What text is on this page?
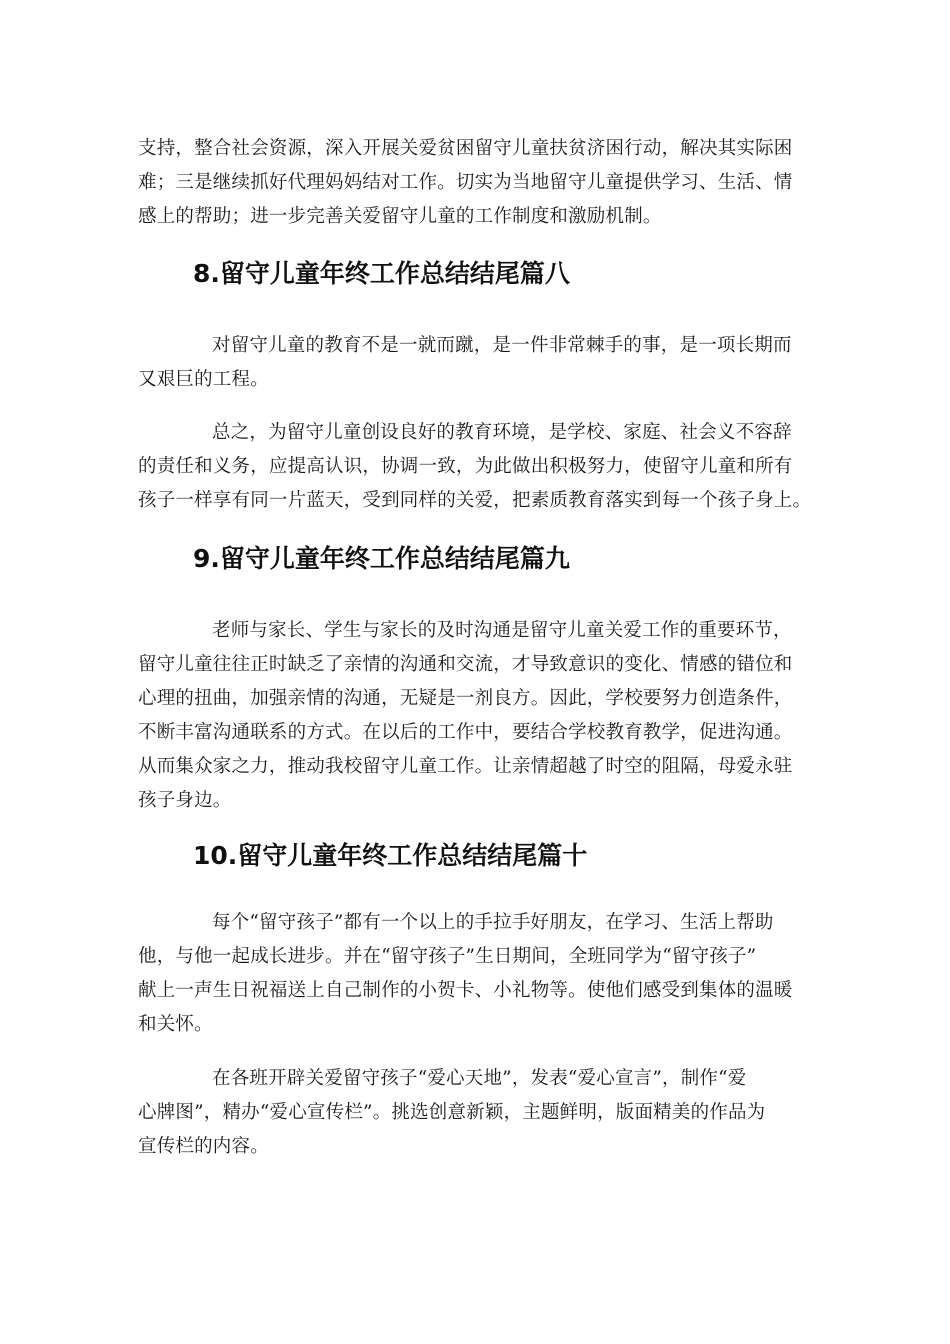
支持，整合社会资源，深入开展关爱贫困留守儿童扶贫济困行动，解决其实际困
难；三是继续抓好代理妈妈结对工作。切实为当地留守儿童提供学习、生活、情
感上的帮助；进一步完善关爱留守儿童的工作制度和激励机制。
8.留守儿童年终工作总结结尾篇八
对留守儿童的教育不是一就而蹴，是一件非常棘手的事，是一项长期而
又艰巨的工程。
总之，为留守儿童创设良好的教育环境，是学校、家庭、社会义不容辞
的责任和义务，应提高认识，协调一致，为此做出积极努力，使留守儿童和所有
孩子一样享有同一片蓝天，受到同样的关爱，把素质教育落实到每一个孩子身上。
9.留守儿童年终工作总结结尾篇九
老师与家长、学生与家长的及时沟通是留守儿童关爱工作的重要环节，
留守儿童往往正时缺乏了亲情的沟通和交流，才导致意识的变化、情感的错位和
心理的扭曲，加强亲情的沟通，无疑是一剂良方。因此，学校要努力创造条件，
不断丰富沟通联系的方式。在以后的工作中，要结合学校教育教学，促进沟通。
从而集众家之力，推动我校留守儿童工作。让亲情超越了时空的阻隔，母爱永驻
孩子身边。
10.留守儿童年终工作总结结尾篇十
每个“留守孩子”都有一个以上的手拉手好朋友，在学习、生活上帮助
他，与他一起成长进步。并在“留守孩子”生日期间，全班同学为“留守孩子”
献上一声生日祝福送上自己制作的小贺卡、小礼物等。使他们感受到集体的温暖
和关怀。
在各班开辟关爱留守孩子“爱心天地”，发表“爱心宣言”，制作“爱
心牌图”，精办“爱心宣传栏”。挑选创意新颖，主题鲜明，版面精美的作品为
宣传栏的内容。
